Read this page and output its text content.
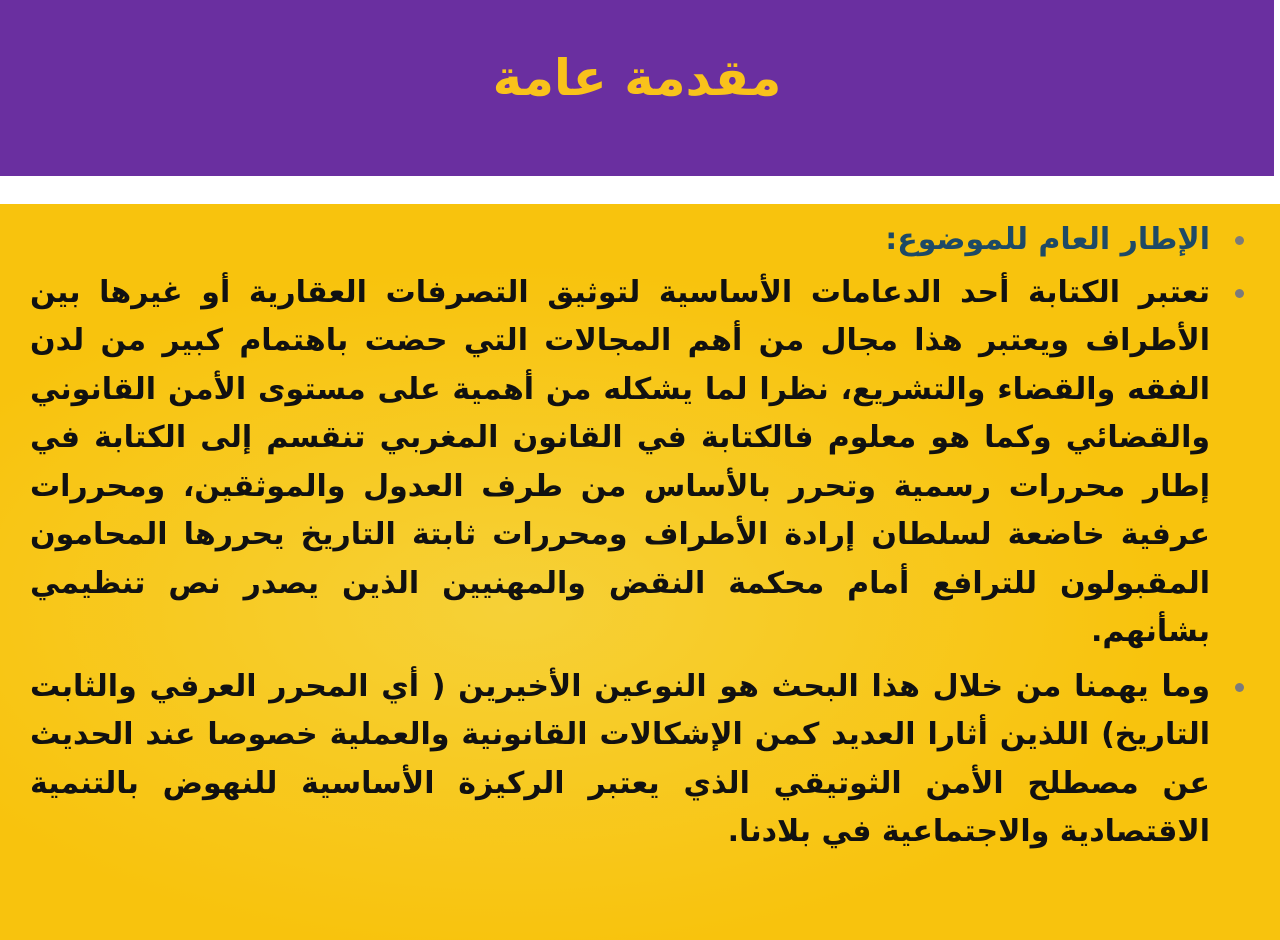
مقدمة عامة
الإطار العام للموضوع:
تعتبر الكتابة أحد الدعامات الأساسية لتوثيق التصرفات العقارية أو غيرها بين الأطراف ويعتبر هذا مجال من أهم المجالات التي حضت باهتمام كبير من لدن الفقه والقضاء والتشريع، نظرا لما يشكله من أهمية على مستوى الأمن القانوني والقضائي وكما هو معلوم فالكتابة في القانون المغربي تنقسم إلى الكتابة في إطار محررات رسمية وتحرر بالأساس من طرف العدول والموثقين، ومحررات عرفية خاضعة لسلطان إرادة الأطراف ومحررات ثابتة التاريخ يحررها المحامون المقبولون للترافع أمام محكمة النقض والمهنيين الذين يصدر نص تنظيمي بشأنهم.
وما يهمنا من خلال هذا البحث هو النوعين الأخيرين ( أي المحرر العرفي والثابت التاريخ) اللذين أثارا العديد كمن الإشكالات القانونية والعملية خصوصا عند الحديث عن مصطلح الأمن الثوتيقي الذي يعتبر الركيزة الأساسية للنهوض بالتنمية الاقتصادية والاجتماعية في بلادنا.
